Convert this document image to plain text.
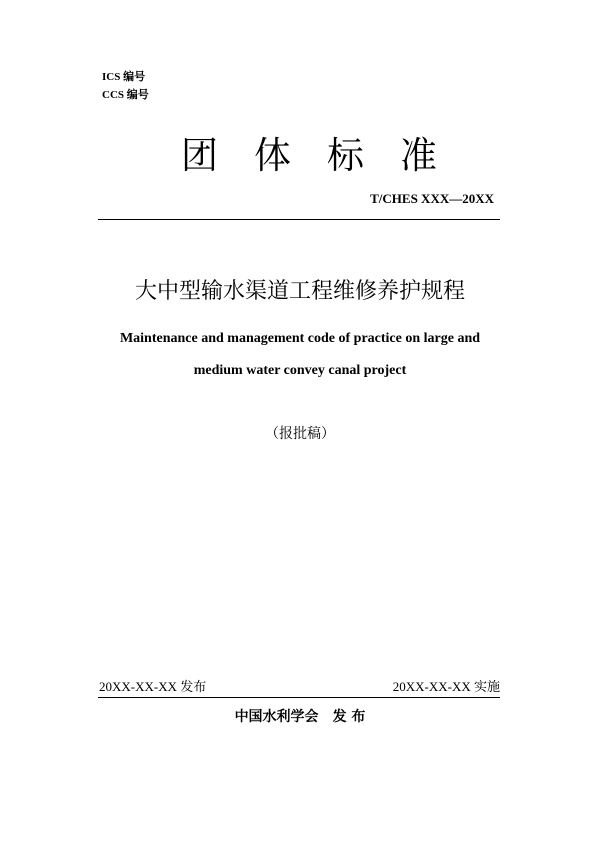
ICS 编号
CCS 编号
团体标准
T/CHES XXX—20XX
大中型输水渠道工程维修养护规程
Maintenance and management code of practice on large and
medium water convey canal project
（报批稿）
20XX-XX-XX 发布	20XX-XX-XX 实施
中国水利学会 发 布
